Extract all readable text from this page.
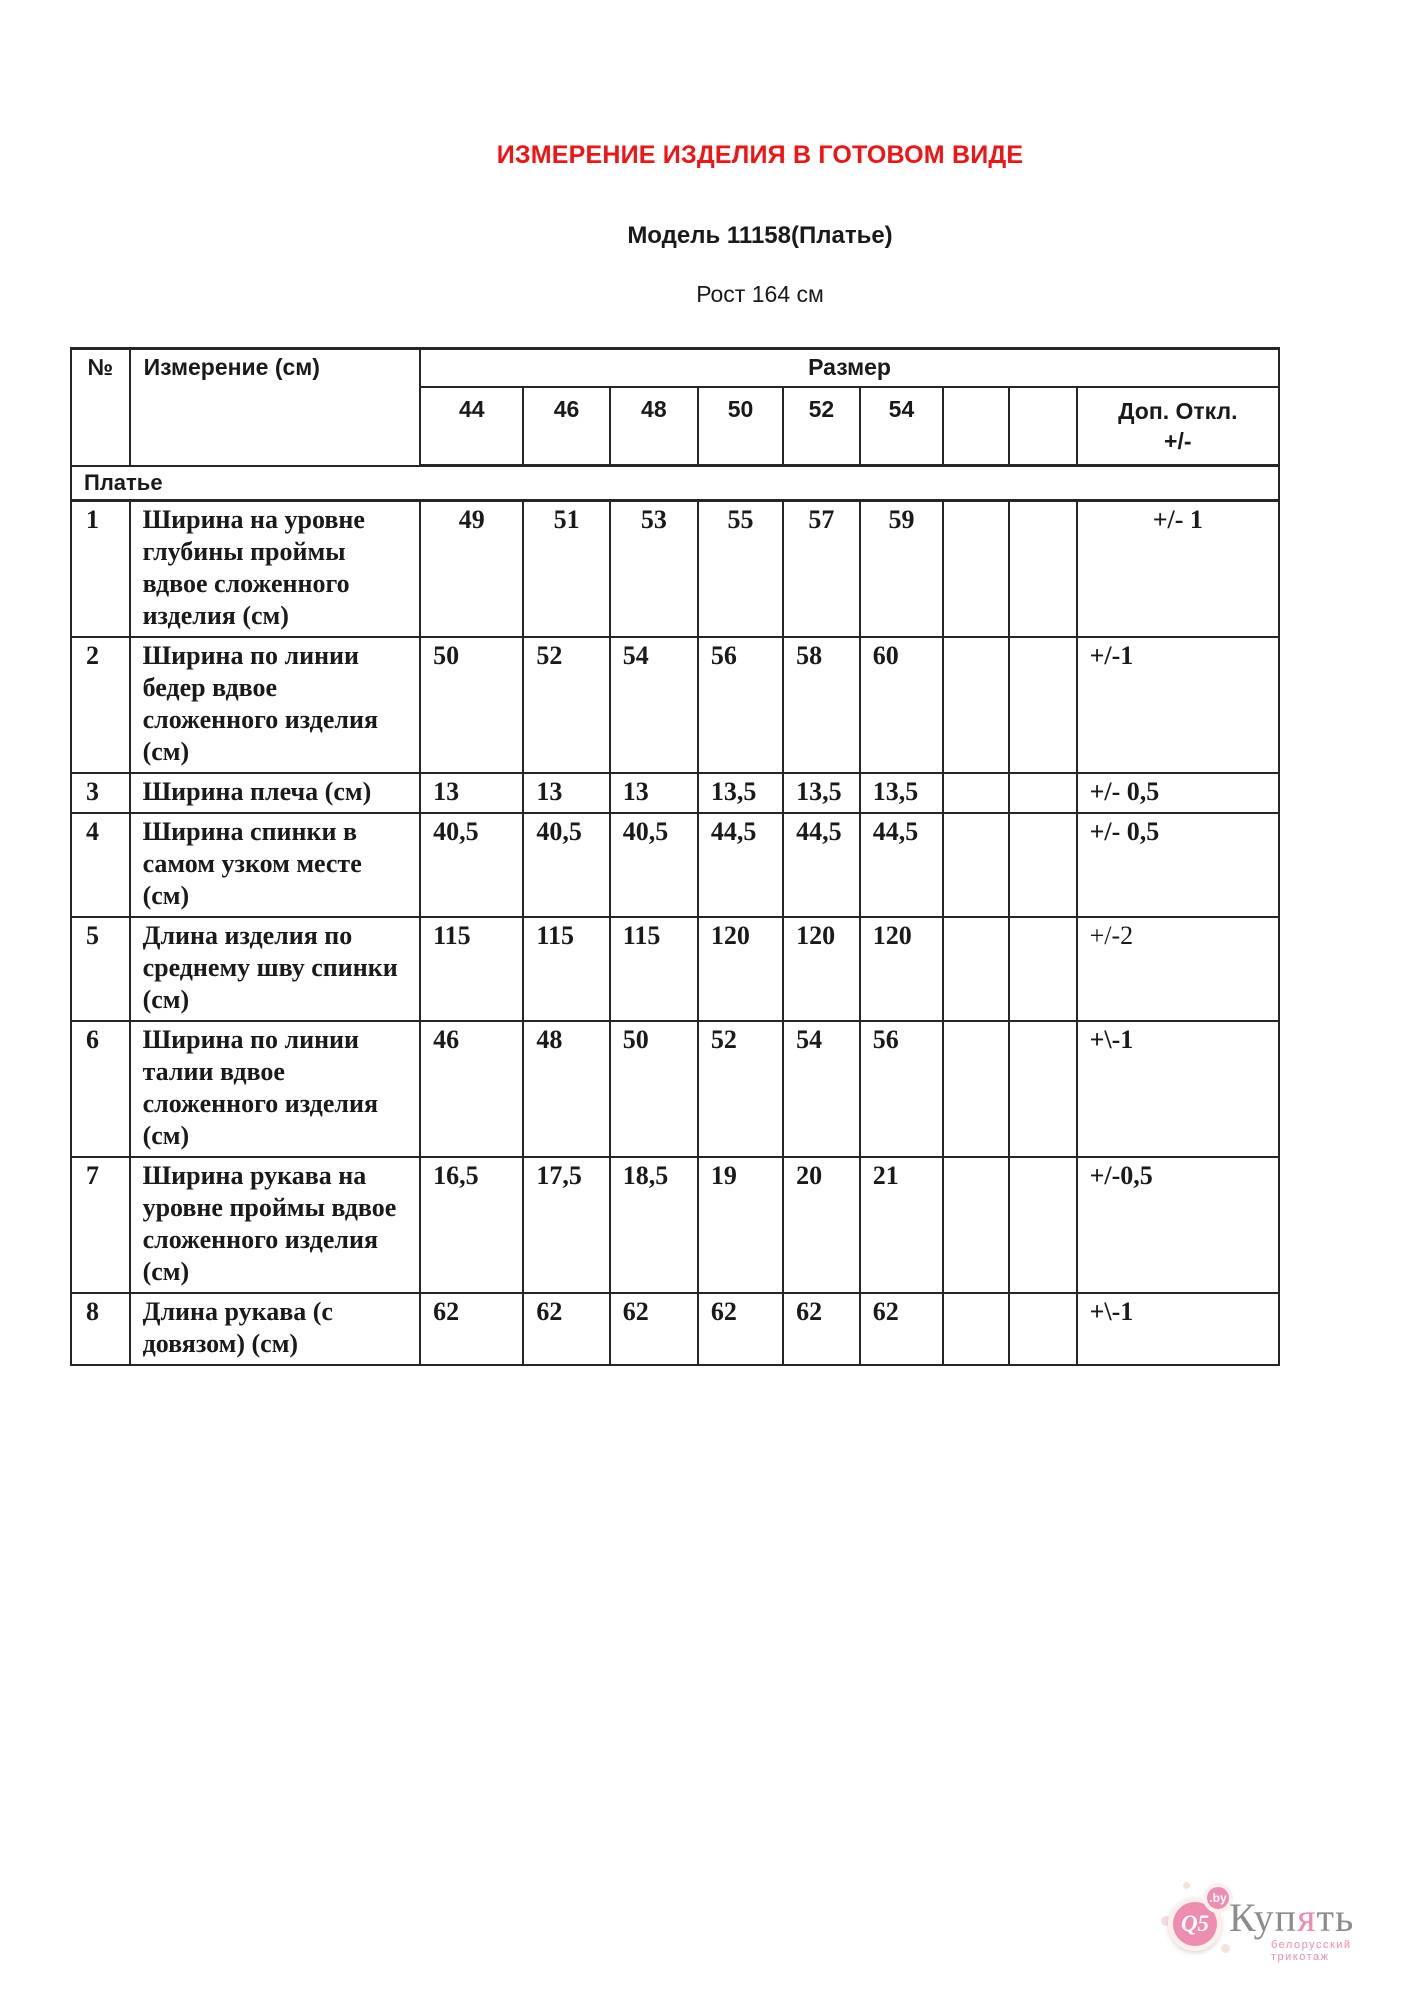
ИЗМЕРЕНИЕ ИЗДЕЛИЯ В ГОТОВОМ ВИДЕ
Модель 11158(Платье)
Рост 164 см
№	Измерение (см)	Размер								
		44	46	48	50	52	54			Доп. Откл.
+/-
Платье										
1	Ширина на уровне глубины проймы вдвое сложенного изделия (см)	49	51	53	55	57	59			+/- 1
2	Ширина по линии бедер вдвое сложенного изделия (см)	50	52	54	56	58	60			+/-1
3	Ширина плеча (см)	13	13	13	13,5	13,5	13,5			+/- 0,5
4	Ширина спинки в самом узком месте (см)	40,5	40,5	40,5	44,5	44,5	44,5			+/- 0,5
5	Длина изделия по среднему шву спинки (см)	115	115	115	120	120	120			+/-2
6	Ширина по линии талии вдвое сложенного изделия (см)	46	48	50	52	54	56			+\-1
7	Ширина рукава на уровне проймы вдвое сложенного изделия (см)	16,5	17,5	18,5	19	20	21			+/-0,5
8	Длина рукава (с довязом) (см)	62	62	62	62	62	62			+\-1
Q5
.by Купять
белорусский трикотаж
